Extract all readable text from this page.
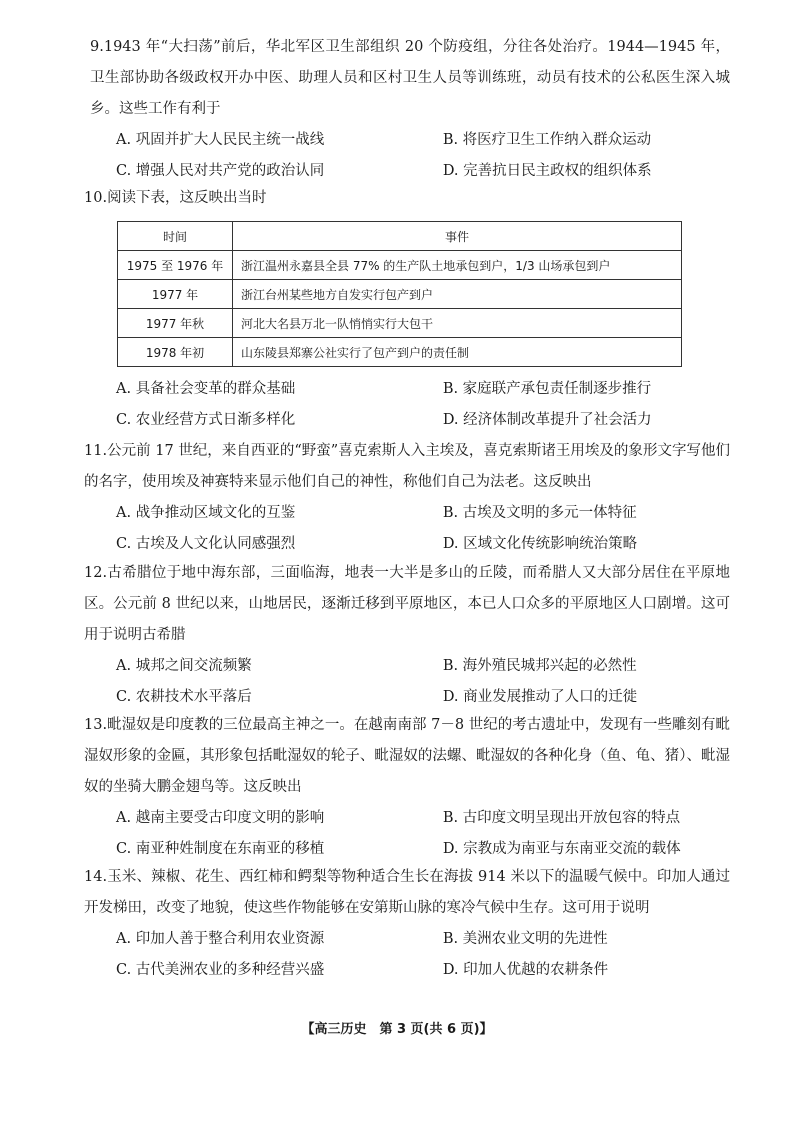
9.1943 年“大扫荡”前后，华北军区卫生部组织 20 个防疫组，分往各处治疗。1944—1945 年，卫生部协助各级政权开办中医、助理人员和区村卫生人员等训练班，动员有技术的公私医生深入城乡。这些工作有利于

A. 巩固并扩大人民民主统一战线	B. 将医疗卫生工作纳入群众运动
C. 增强人民对共产党的政治认同	D. 完善抗日民主政权的组织体系

10.阅读下表，这反映出当时

时间	事件
1975 至 1976 年	浙江温州永嘉县全县 77% 的生产队土地承包到户，1/3 山场承包到户
1977 年	浙江台州某些地方自发实行包产到户
1977 年秋	河北大名县万北一队悄悄实行大包干
1978 年初	山东陵县郑寨公社实行了包产到户的责任制
A. 具备社会变革的群众基础	B. 家庭联产承包责任制逐步推行
C. 农业经营方式日渐多样化	D. 经济体制改革提升了社会活力

11.公元前 17 世纪，来自西亚的“野蛮”喜克索斯人入主埃及，喜克索斯诸王用埃及的象形文字写他们的名字，使用埃及神赛特来显示他们自己的神性，称他们自己为法老。这反映出

A. 战争推动区域文化的互鉴	B. 古埃及文明的多元一体特征
C. 古埃及人文化认同感强烈	D. 区域文化传统影响统治策略

12.古希腊位于地中海东部，三面临海，地表一大半是多山的丘陵，而希腊人又大部分居住在平原地区。公元前 8 世纪以来，山地居民，逐渐迁移到平原地区，本已人口众多的平原地区人口剧增。这可用于说明古希腊

A. 城邦之间交流频繁	B. 海外殖民城邦兴起的必然性
C. 农耕技术水平落后	D. 商业发展推动了人口的迁徙

13.毗湿奴是印度教的三位最高主神之一。在越南南部 7－8 世纪的考古遗址中，发现有一些雕刻有毗湿奴形象的金匾，其形象包括毗湿奴的轮子、毗湿奴的法螺、毗湿奴的各种化身（鱼、龟、猪）、毗湿奴的坐骑大鹏金翅鸟等。这反映出

A. 越南主要受古印度文明的影响	B. 古印度文明呈现出开放包容的特点
C. 南亚种姓制度在东南亚的移植	D. 宗教成为南亚与东南亚交流的载体

14.玉米、辣椒、花生、西红柿和鳄梨等物种适合生长在海拔 914 米以下的温暖气候中。印加人通过开发梯田，改变了地貌，使这些作物能够在安第斯山脉的寒冷气候中生存。这可用于说明

A. 印加人善于整合利用农业资源	B. 美洲农业文明的先进性
C. 古代美洲农业的多种经营兴盛	D. 印加人优越的农耕条件
【高三历史　第 3 页(共 6 页)】
